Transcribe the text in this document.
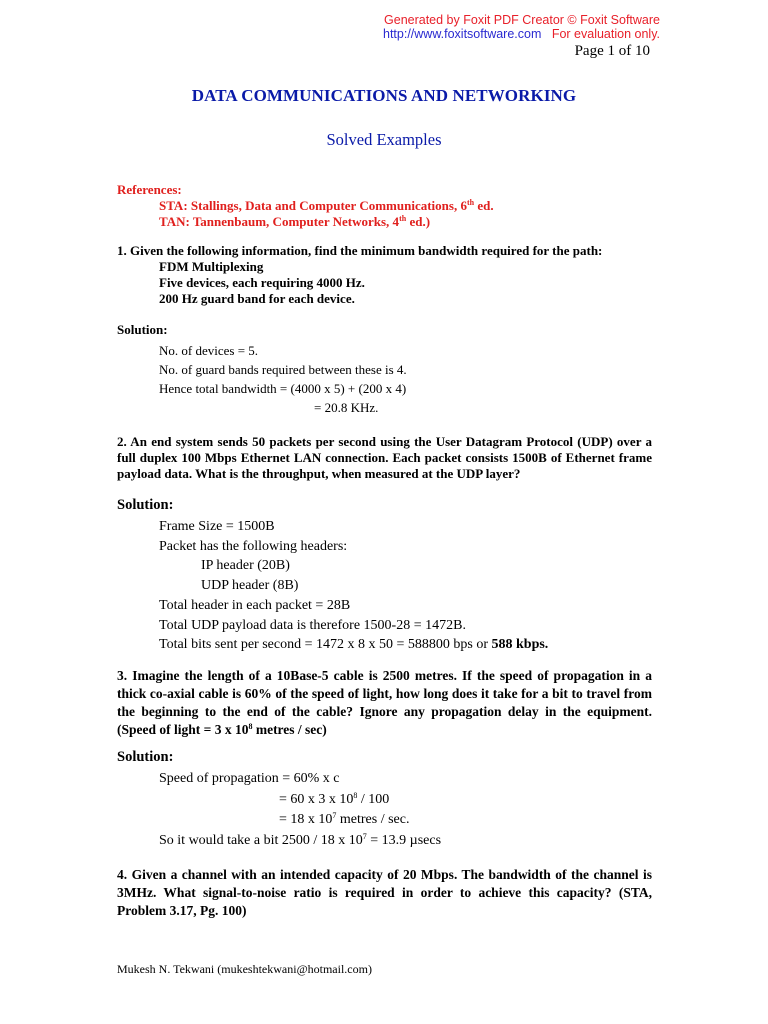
Generated by Foxit PDF Creator © Foxit Software
http://www.foxitsoftware.com For evaluation only.
Page 1 of 10
DATA COMMUNICATIONS AND NETWORKING
Solved Examples
References:
STA: Stallings, Data and Computer Communications, 6th ed.
TAN: Tannenbaum, Computer Networks, 4th ed.)
1. Given the following information, find the minimum bandwidth required for the path:
FDM Multiplexing
Five devices, each requiring 4000 Hz.
200 Hz guard band for each device.
Solution:
No. of devices = 5.
No. of guard bands required between these is 4.
Hence total bandwidth = (4000 x 5) + (200 x 4)
= 20.8 KHz.
2. An end system sends 50 packets per second using the User Datagram Protocol (UDP) over a full duplex 100 Mbps Ethernet LAN connection. Each packet consists 1500B of Ethernet frame payload data. What is the throughput, when measured at the UDP layer?
Solution:
Frame Size = 1500B
Packet has the following headers:
IP header (20B)
UDP header (8B)
Total header in each packet = 28B
Total UDP payload data is therefore 1500-28 = 1472B.
Total bits sent per second = 1472 x 8 x 50 = 588800 bps or 588 kbps.
3. Imagine the length of a 10Base-5 cable is 2500 metres. If the speed of propagation in a thick co-axial cable is 60% of the speed of light, how long does it take for a bit to travel from the beginning to the end of the cable? Ignore any propagation delay in the equipment. (Speed of light = 3 x $10^8$ metres / sec)
Solution:
Speed of propagation = 60% x c
= 60 x 3 x $10^8 / 100$
= 18 x $10^7$ metres / sec.
So it would take a bit 2500 / 18 x $10^7 = 13.9$ µsecs
4. Given a channel with an intended capacity of 20 Mbps. The bandwidth of the channel is 3MHz. What signal-to-noise ratio is required in order to achieve this capacity? (STA, Problem 3.17, Pg. 100)
Mukesh N. Tekwani (mukeshtekwani@hotmail.com)
